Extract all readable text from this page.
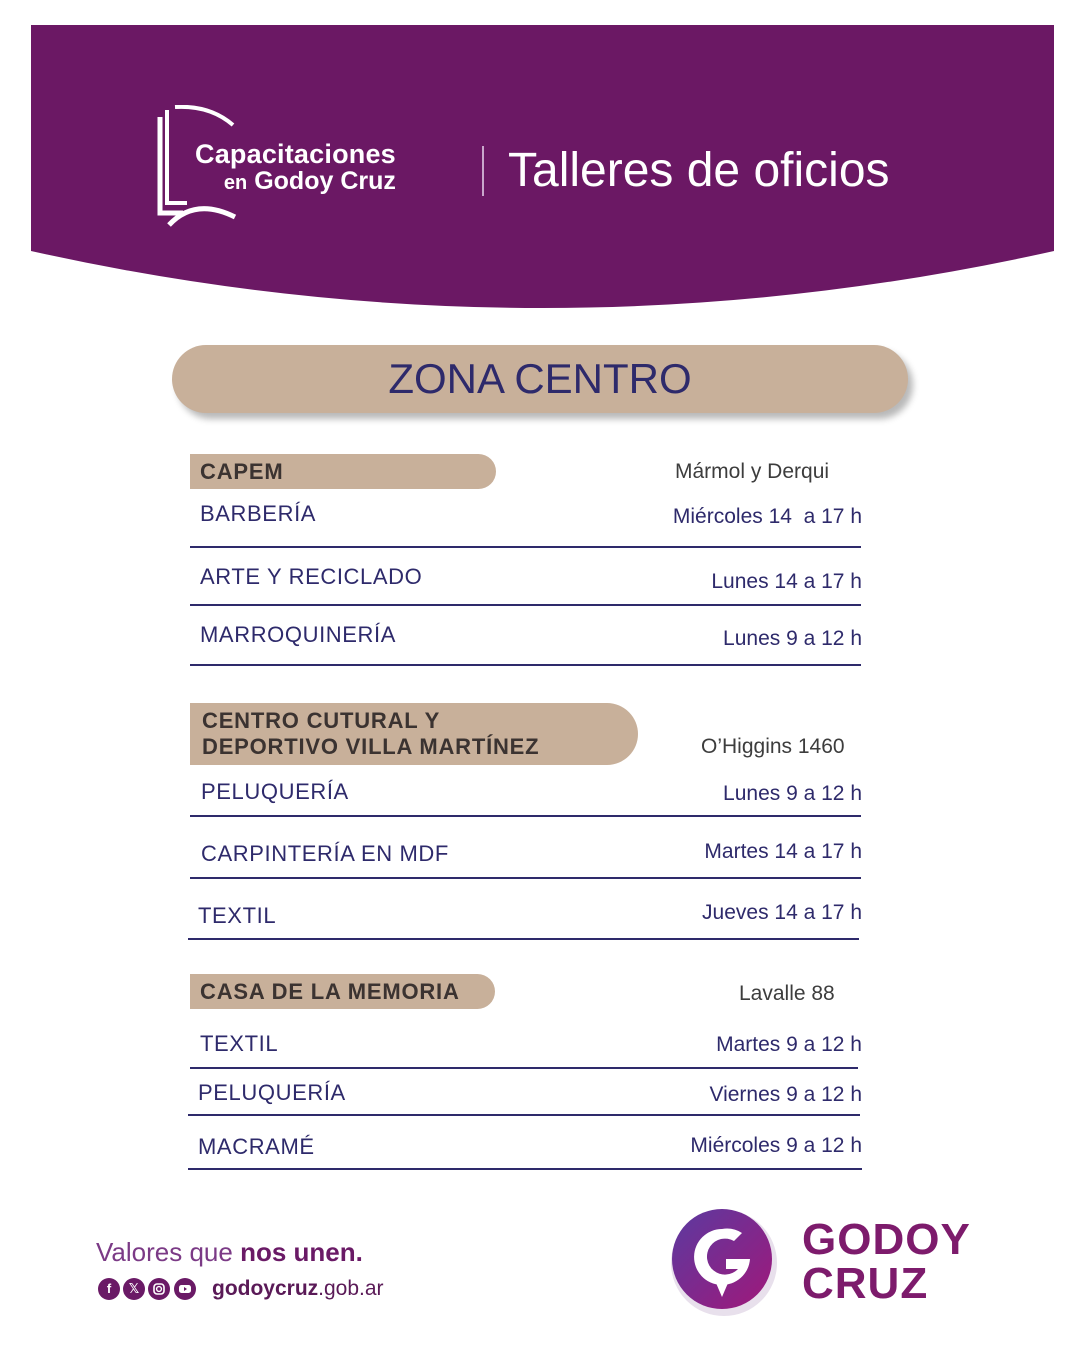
Capacitaciones
en Godoy Cruz Talleres de oficios
ZONA CENTRO
CAPEM	Mármol y Derqui
BARBERÍA	Miércoles 14  a 17 h
ARTE Y RECICLADO	Lunes 14 a 17 h
MARROQUINERÍA	Lunes 9 a 12 h
CENTRO CUTURAL Y
DEPORTIVO VILLA MARTÍNEZ	O’Higgins 1460
PELUQUERÍA	Lunes 9 a 12 h
CARPINTERÍA EN MDF	Martes 14 a 17 h
TEXTIL	Jueves 14 a 17 h
CASA DE LA MEMORIA	Lavalle 88
TEXTIL	Martes 9 a 12 h
PELUQUERÍA	Viernes 9 a 12 h
MACRAMÉ	Miércoles 9 a 12 h
Valores que nos unen.
f	𝕏	godoycruz.gob.ar
GODOY
CRUZ
